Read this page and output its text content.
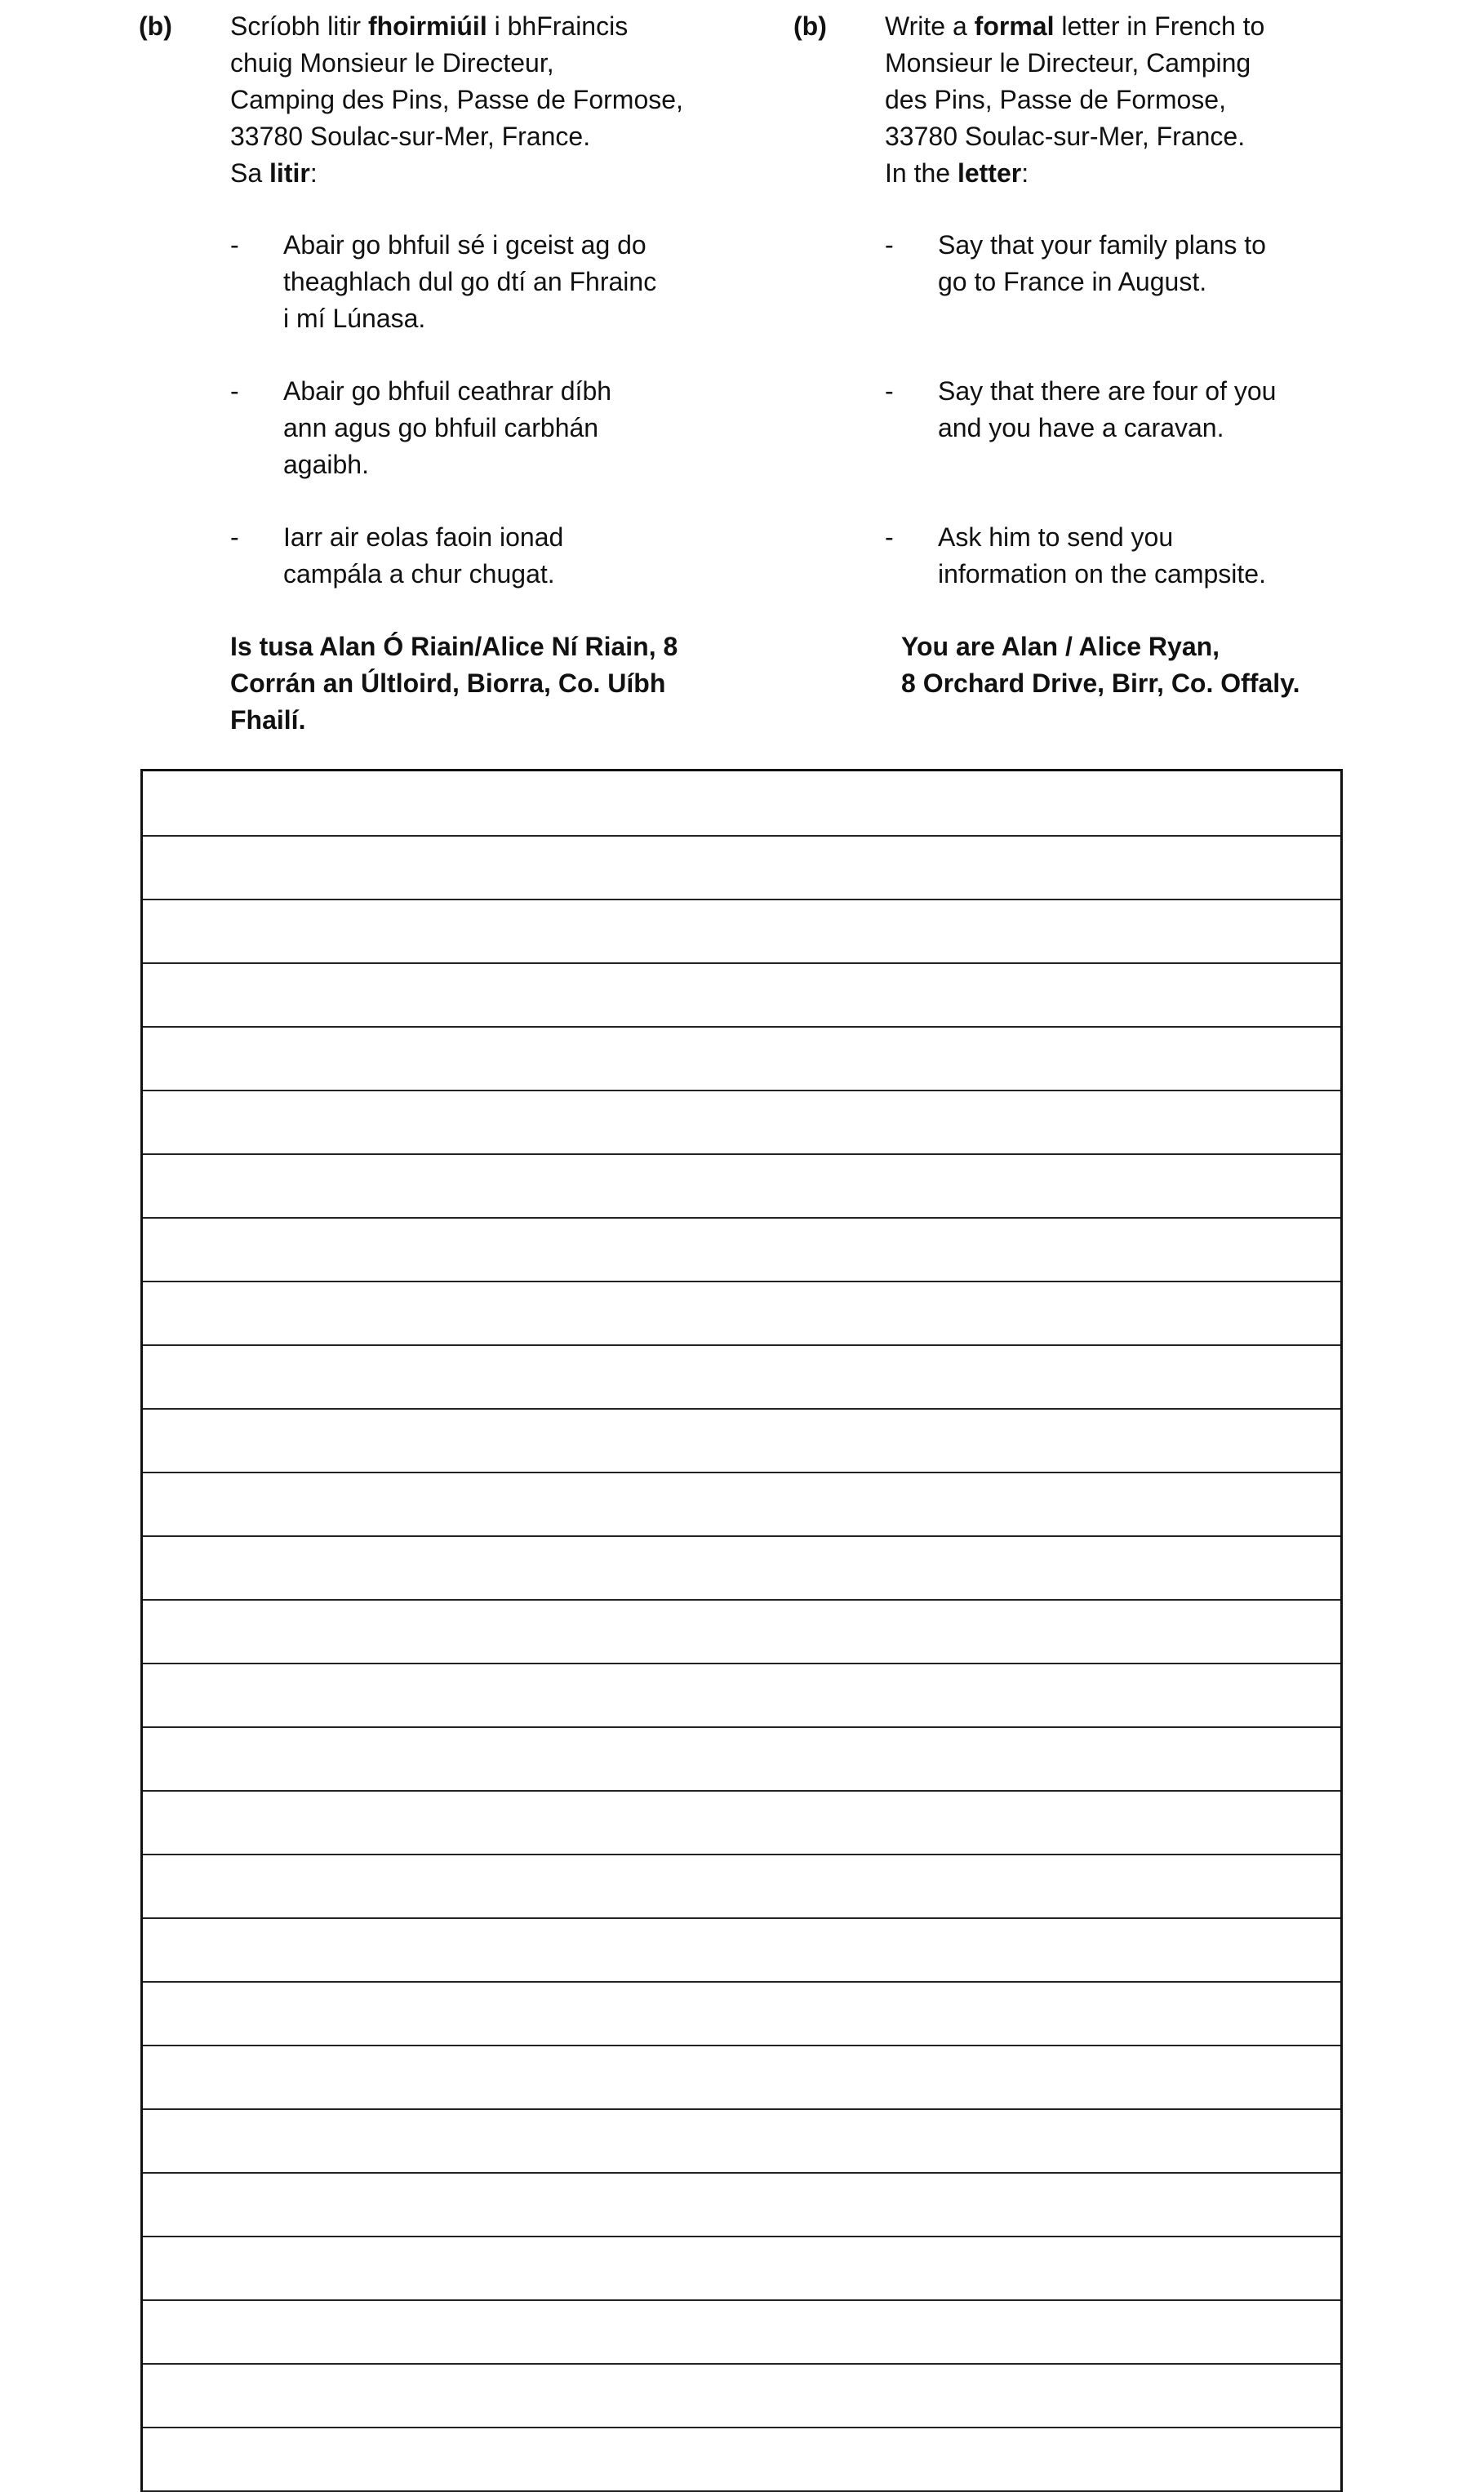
(b) Scríobh litir fhoirmiúil i bhFraincis
chuig Monsieur le Directeur,
Camping des Pins, Passe de Formose,
33780 Soulac-sur-Mer, France.
Sa litir:
- Abair go bhfuil sé i gceist ag do
theaghlach dul go dtí an Fhrainc
i mí Lúnasa.
- Abair go bhfuil ceathrar díbh
ann agus go bhfuil carbhán
agaibh.
- Iarr air eolas faoin ionad
campála a chur chugat.
Is tusa Alan Ó Riain/Alice Ní Riain, 8
Corrán an Últloird, Biorra, Co. Uíbh
Fhailí.
(b) Write a formal letter in French to
Monsieur le Directeur, Camping
des Pins, Passe de Formose,
33780 Soulac-sur-Mer, France.
In the letter:
- Say that your family plans to
go to France in August.
- Say that there are four of you
and you have a caravan.
- Ask him to send you
information on the campsite.
You are Alan / Alice Ryan,
8 Orchard Drive, Birr, Co. Offaly.
